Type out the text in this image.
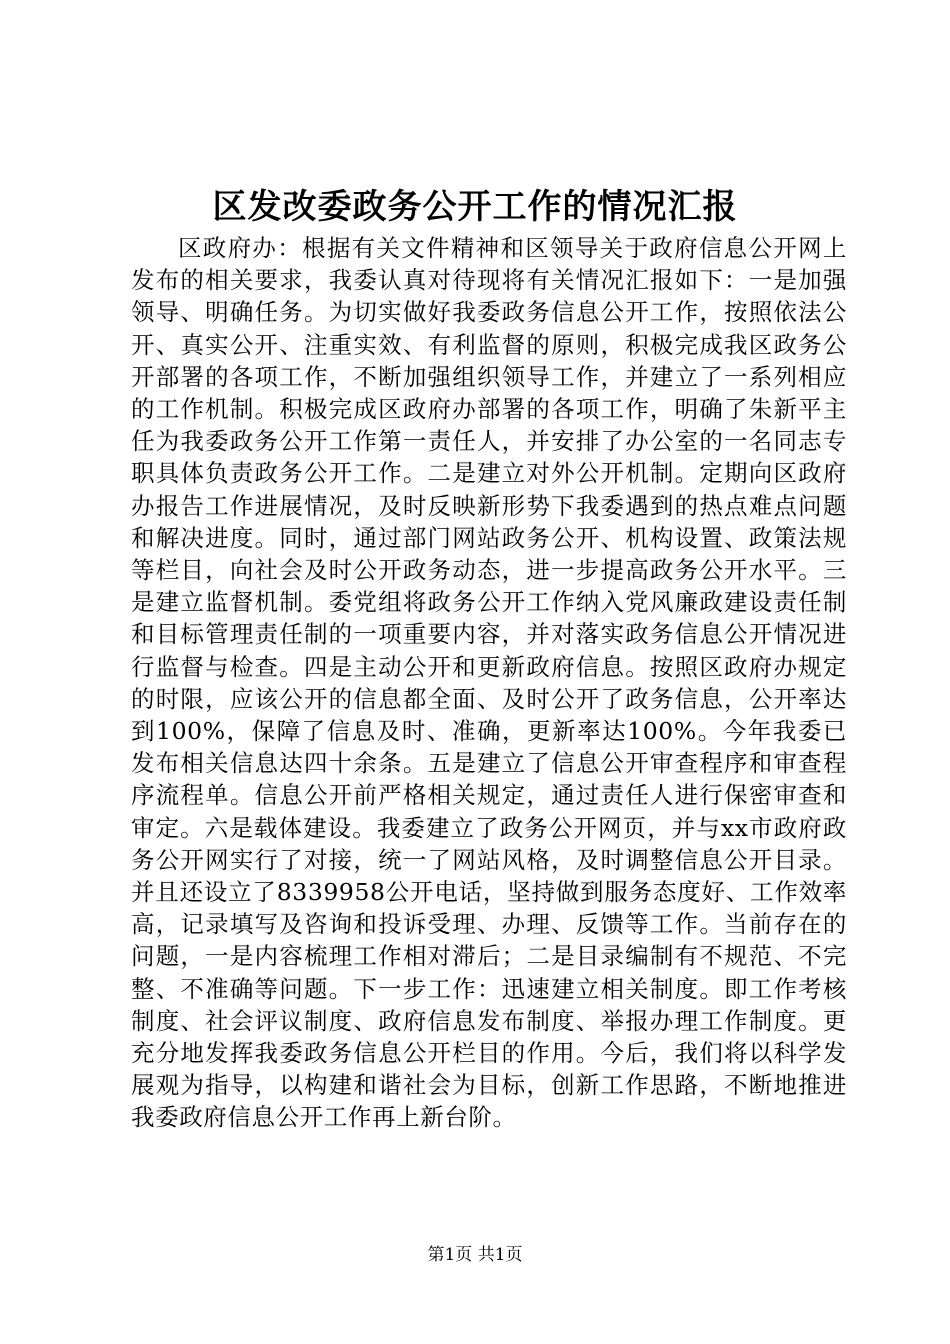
区发改委政务公开工作的情况汇报

区政府办：根据有关文件精神和区领导关于政府信息公开网上发布的相关要求，我委认真对待现将有关情况汇报如下：一是加强领导、明确任务。为切实做好我委政务信息公开工作，按照依法公开、真实公开、注重实效、有利监督的原则，积极完成我区政务公开部署的各项工作，不断加强组织领导工作，并建立了一系列相应的工作机制。积极完成区政府办部署的各项工作，明确了朱新平主任为我委政务公开工作第一责任人，并安排了办公室的一名同志专职具体负责政务公开工作。二是建立对外公开机制。定期向区政府办报告工作进展情况，及时反映新形势下我委遇到的热点难点问题和解决进度。同时，通过部门网站政务公开、机构设置、政策法规等栏目，向社会及时公开政务动态，进一步提高政务公开水平。三是建立监督机制。委党组将政务公开工作纳入党风廉政建设责任制和目标管理责任制的一项重要内容，并对落实政务信息公开情况进行监督与检查。四是主动公开和更新政府信息。按照区政府办规定的时限，应该公开的信息都全面、及时公开了政务信息，公开率达到100%，保障了信息及时、准确，更新率达100%。今年我委已发布相关信息达四十余条。五是建立了信息公开审查程序和审查程序流程单。信息公开前严格相关规定，通过责任人进行保密审查和审定。六是载体建设。我委建立了政务公开网页，并与xx市政府政务公开网实行了对接，统一了网站风格，及时调整信息公开目录。并且还设立了8339958公开电话，坚持做到服务态度好、工作效率高，记录填写及咨询和投诉受理、办理、反馈等工作。当前存在的问题，一是内容梳理工作相对滞后；二是目录编制有不规范、不完整、不准确等问题。下一步工作：迅速建立相关制度。即工作考核制度、社会评议制度、政府信息发布制度、举报办理工作制度。更充分地发挥我委政务信息公开栏目的作用。今后，我们将以科学发展观为指导，以构建和谐社会为目标，创新工作思路，不断地推进我委政府信息公开工作再上新台阶。

第1页 共1页
